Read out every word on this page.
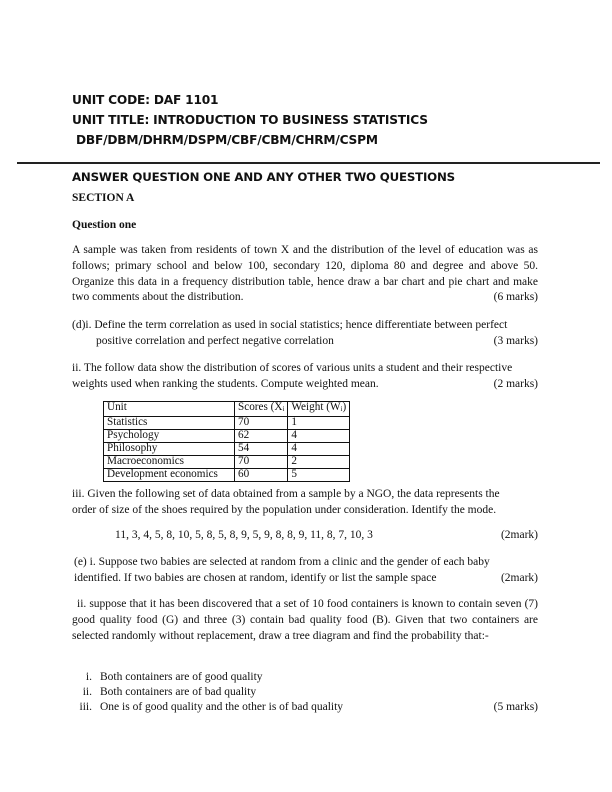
UNIT CODE: DAF 1101
UNIT TITLE: INTRODUCTION TO BUSINESS STATISTICS
DBF/DBM/DHRM/DSPM/CBF/CBM/CHRM/CSPM
ANSWER QUESTION ONE AND ANY OTHER TWO QUESTIONS
SECTION A
Question one
A sample was taken from residents of town X and the distribution of the level of education was as follows; primary school and below 100, secondary 120, diploma 80 and degree and above 50. Organize this data in a frequency distribution table, hence draw a bar chart and pie chart and make two comments about the distribution.	(6 marks)
(d)i. Define the term correlation as used in social statistics; hence differentiate between perfect
positive correlation and perfect negative correlation	(3 marks)
ii. The follow data show the distribution of scores of various units a student and their respective
weights used when ranking the students. Compute weighted mean.	(2 marks)
Unit	Scores ($X_i$	Weight $(W_i)$
Statistics	70	1
Psychology	62	4
Philosophy	54	4
Macroeconomics	70	2
Development economics	60	5
iii. Given the following set of data obtained from a sample by a NGO, the data represents the
order of size of the shoes required by the population under consideration. Identify the mode.
11, 3, 4, 5, 8, 10, 5, 8, 5, 8, 9, 5, 9, 8, 8, 9, 11, 8, 7, 10, 3	(2mark)
(e) i. Suppose two babies are selected at random from a clinic and the gender of each baby
identified. If two babies are chosen at random, identify or list the sample space	(2mark)
ii. suppose that it has been discovered that a set of 10 food containers is known to contain seven (7) good quality food (G) and three (3) contain bad quality food (B). Given that two containers are selected randomly without replacement, draw a tree diagram and find the probability that:-
i. Both containers are of good quality
ii. Both containers are of bad quality
iii. One is of good quality and the other is of bad quality	(5 marks)
